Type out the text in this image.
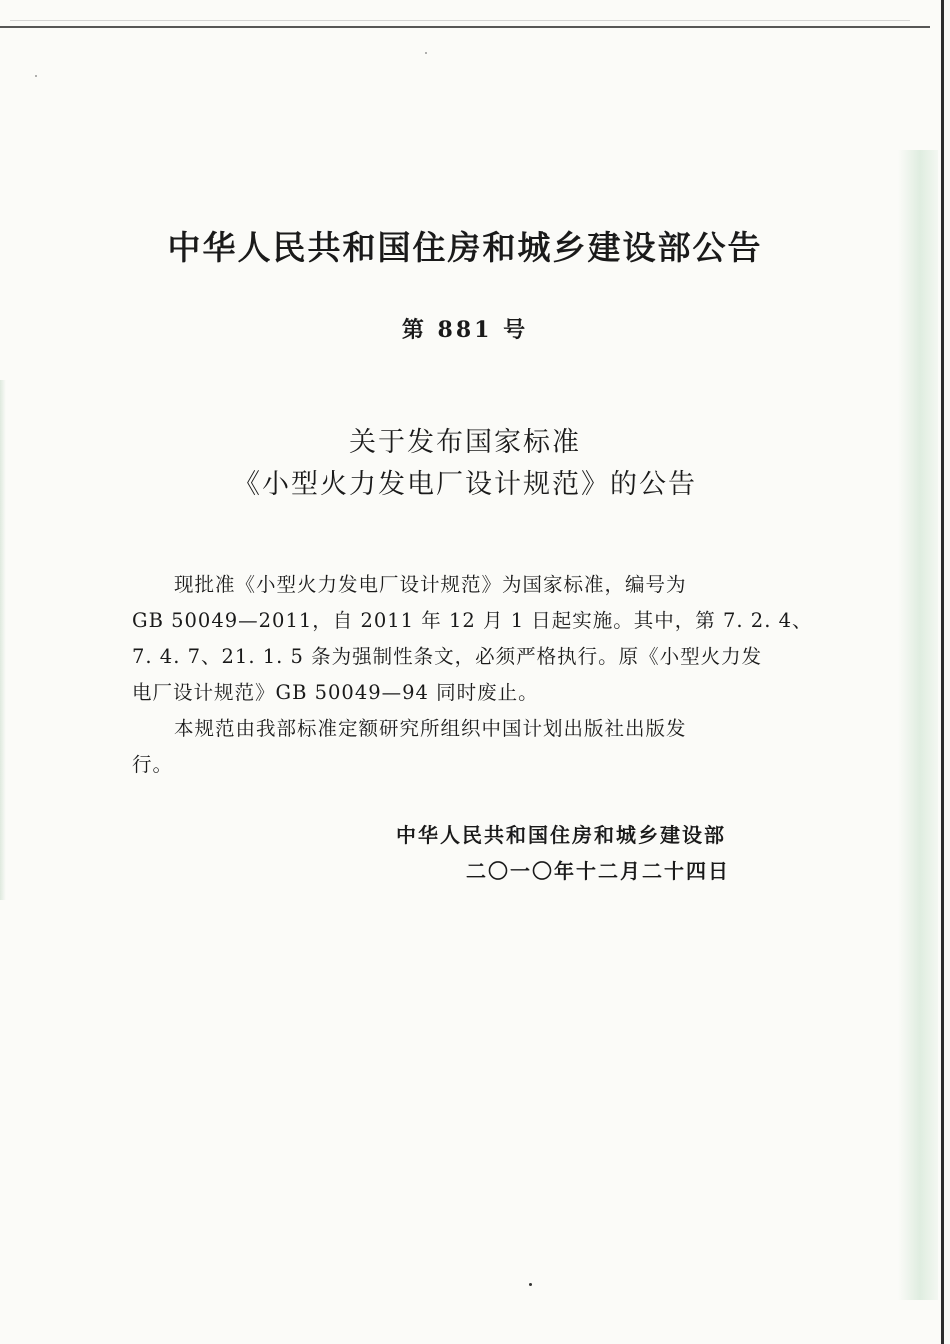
中华人民共和国住房和城乡建设部公告
第 881 号
关于发布国家标准
《小型火力发电厂设计规范》的公告
现批准《小型火力发电厂设计规范》为国家标准，编号为
GB 50049—2011，自 2011 年 12 月 1 日起实施。其中，第 7. 2. 4、
7. 4. 7、21. 1. 5 条为强制性条文，必须严格执行。原《小型火力发
电厂设计规范》GB 50049—94 同时废止。
本规范由我部标准定额研究所组织中国计划出版社出版发
行。
中华人民共和国住房和城乡建设部
二〇一〇年十二月二十四日
